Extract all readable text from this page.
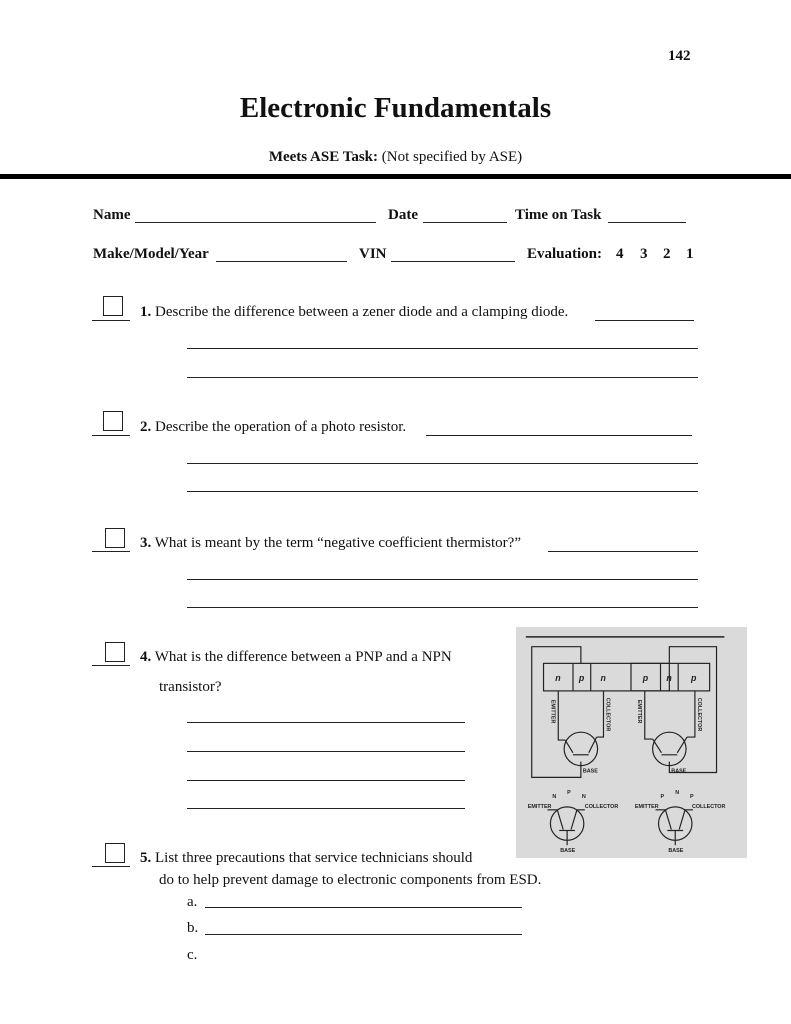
142
Electronic Fundamentals
Meets ASE Task: (Not specified by ASE)
Name	Date	Time on Task
Make/Model/Year	VIN	Evaluation: 4 3 2 1
1. Describe the difference between a zener diode and a clamping diode.
2. Describe the operation of a photo resistor.
3. What is meant by the term “negative coefficient thermistor?”
4. What is the difference between a PNP and a NPN
transistor?
n p n	p n p
EMITTER	COLLECTOR
BASE
EMITTER	COLLECTOR
BASE
N
P
N
EMITTER	COLLECTOR
BASE
P
N
P
EMITTER	COLLECTOR
BASE
5. List three precautions that service technicians should
do to help prevent damage to electronic components from ESD.
a.
b.
c.
